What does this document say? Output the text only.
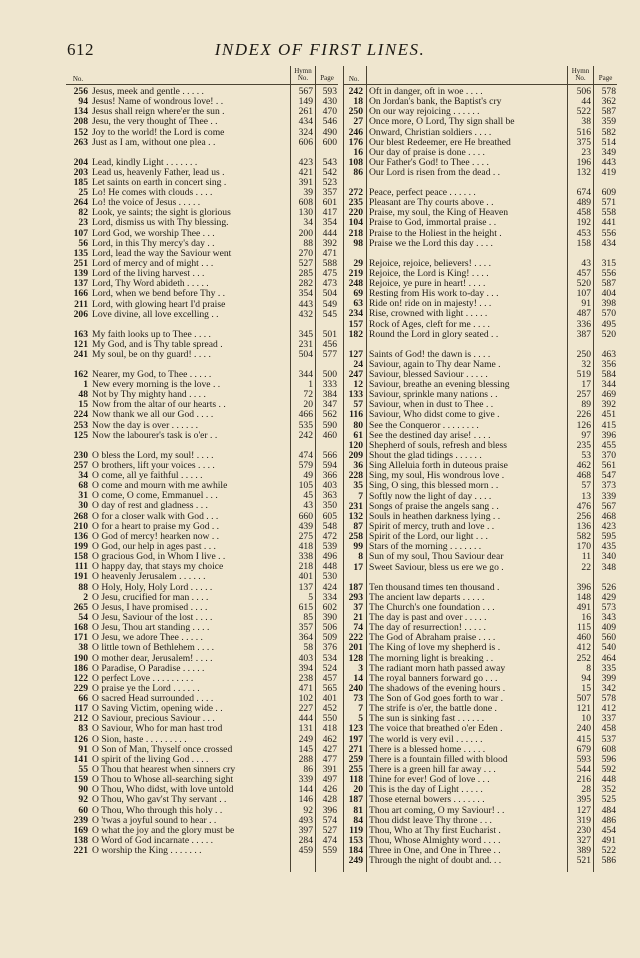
612	INDEX OF FIRST LINES.
No.
Hymn
No.	Page
256 Jesus, meek and gentle . . . . .	567	593
94 Jesus! Name of wondrous love! . .	149	430
134 Jesus shall reign where'er the sun .	261	470
208 Jesu, the very thought of Thee . .	434	546
152 Joy to the world! the Lord is come	324	490
263 Just as I am, without one plea . .	606	600
204 Lead, kindly Light . . . . . . .	423	543
203 Lead us, heavenly Father, lead us .	421	542
185 Let saints on earth in concert sing .	391	523
25 Lo! He comes with clouds . . . .	39	357
264 Lo! the voice of Jesus . . . . .	608	601
82 Look, ye saints; the sight is glorious	130	417
23 Lord, dismiss us with Thy blessing.	34	354
107 Lord God, we worship Thee . . .	200	444
56 Lord, in this Thy mercy's day . .	88	392
135 Lord, lead the way the Saviour went	270	471
251 Lord of mercy and of might . . .	527	588
139 Lord of the living harvest . . .	285	475
137 Lord, Thy Word abideth . . . . .	282	473
166 Lord, when we bend before Thy . .	354	504
211 Lord, with glowing heart I'd praise	443	549
206 Love divine, all love excelling . .	432	545
163 My faith looks up to Thee . . . .	345	501
121 My God, and is Thy table spread .	231	456
241 My soul, be on thy guard! . . . .	504	577
162 Nearer, my God, to Thee . . . . .	344	500
1 New every morning is the love . .	1	333
48 Not by Thy mighty hand . . . .	72	384
15 Now from the altar of our hearts . .	20	347
224 Now thank we all our God . . . .	466	562
253 Now the day is over . . . . . .	535	590
125 Now the labourer's task is o'er . .	242	460
230 O bless the Lord, my soul! . . . .	474	566
257 O brothers, lift your voices . . . .	579	594
34 O come, all ye faithful . . . . .	49	366
68 O come and mourn with me awhile	105	403
31 O come, O come, Emmanuel . . .	45	363
30 O day of rest and gladness . . .	43	350
268 O for a closer walk with God . . .	660	605
210 O for a heart to praise my God . .	439	548
136 O God of mercy! hearken now . .	275	472
199 O God, our help in ages past . . .	418	539
158 O gracious God, in Whom I live . .	338	496
111 O happy day, that stays my choice	218	448
191 O heavenly Jerusalem . . . . . .	401	530
88 O Holy, Holy, Holy Lord . . . . .	137	424
2 O Jesu, crucified for man . . . .	5	334
265 O Jesus, I have promised . . . .	615	602
54 O Jesu, Saviour of the lost . . . .	85	390
168 O Jesu, Thou art standing . . . .	357	506
171 O Jesu, we adore Thee . . . . .	364	509
38 O little town of Bethlehem . . . .	58	376
190 O mother dear, Jerusalem! . . . .	403	534
186 O Paradise, O Paradise . . . . .	394	524
122 O perfect Love . . . . . . . . .	238	457
229 O praise ye the Lord . . . . . .	471	565
66 O sacred Head surrounded . . . .	102	401
117 O Saving Victim, opening wide . .	227	452
212 O Saviour, precious Saviour . . .	444	550
83 O Saviour, Who for man hast trod	131	418
126 O Sion, haste . . . . . . . . .	249	462
91 O Son of Man, Thyself once crossed	145	427
141 O spirit of the living God . . . .	288	477
55 O Thou that hearest when sinners cry	86	391
159 O Thou to Whose all-searching sight	339	497
90 O Thou, Who didst, with love untold	144	426
92 O Thou, Who gav'st Thy servant . .	146	428
60 O Thou, Who through this holy . .	92	396
239 O 'twas a joyful sound to hear . .	493	574
169 O what the joy and the glory must be	397	527
138 O Word of God incarnate . . . . .	284	474
221 O worship the King . . . . . . .	459	559
No.
Hymn
No.	Page
242 Oft in danger, oft in woe . . . .	506	578
18 On Jordan's bank, the Baptist's cry	44	362
250 On our way rejoicing . . . . . .	522	587
27 Once more, O Lord, Thy sign shall be	38	359
246 Onward, Christian soldiers . . . .	516	582
176 Our blest Redeemer, ere He breathed	375	514
16 Our day of praise is done . . . .	23	349
108 Our Father's God! to Thee . . . .	196	443
86 Our Lord is risen from the dead . .	132	419
272 Peace, perfect peace . . . . . .	674	609
235 Pleasant are Thy courts above . .	489	571
220 Praise, my soul, the King of Heaven	458	558
104 Praise to God, immortal praise . .	192	441
218 Praise to the Holiest in the height .	453	556
98 Praise we the Lord this day . . . .	158	434
29 Rejoice, rejoice, believers! . . . .	43	315
219 Rejoice, the Lord is King! . . . .	457	556
248 Rejoice, ye pure in heart! . . . .	520	587
69 Resting from His work to-day . . .	107	404
63 Ride on! ride on in majesty! . . .	91	398
234 Rise, crowned with light . . . . .	487	570
157 Rock of Ages, cleft for me . . . .	336	495
182 Round the Lord in glory seated . .	387	520
127 Saints of God! the dawn is . . . .	250	463
24 Saviour, again to Thy dear Name .	32	356
247 Saviour, blessed Saviour . . . . .	519	584
12 Saviour, breathe an evening blessing	17	344
133 Saviour, sprinkle many nations . .	257	469
57 Saviour, when in dust to Thee . .	89	392
116 Saviour, Who didst come to give .	226	451
80 See the Conqueror . . . . . . . .	126	415
61 See the destined day arise! . . . .	97	396
120 Shepherd of souls, refresh and bless	235	455
209 Shout the glad tidings . . . . . .	53	370
36 Sing Alleluia forth in duteous praise	462	561
228 Sing, my soul, His wondrous love .	468	547
35 Sing, O sing, this blessed morn . .	57	373
7 Softly now the light of day . . . .	13	339
231 Songs of praise the angels sang . .	476	567
132 Souls in heathen darkness lying . .	256	468
87 Spirit of mercy, truth and love . .	136	423
258 Spirit of the Lord, our light . . .	582	595
99 Stars of the morning . . . . . . .	170	435
8 Sun of my soul, Thou Saviour dear	11	340
17 Sweet Saviour, bless us ere we go .	22	348
187 Ten thousand times ten thousand .	396	526
293 The ancient law departs . . . . .	148	429
37 The Church's one foundation . . .	491	573
21 The day is past and over . . . . .	16	343
74 The day of resurrection! . . . . .	115	409
222 The God of Abraham praise . . . .	460	560
201 The King of love my shepherd is .	412	540
128 The morning light is breaking . .	252	464
3 The radiant morn hath passed away	8	335
14 The royal banners forward go . . .	94	399
240 The shadows of the evening hours .	15	342
73 The Son of God goes forth to war .	507	578
7 The strife is o'er, the battle done .	121	412
5 The sun is sinking fast . . . . . .	10	337
123 The voice that breathed o'er Eden .	240	458
197 The world is very evil . . . . . .	415	537
271 There is a blessed home . . . . .	679	608
259 There is a fountain filled with blood	593	596
255 There is a green hill far away . . .	544	592
118 Thine for ever! God of love . . .	216	448
20 This is the day of Light . . . . .	28	352
187 Those eternal bowers . . . . . . .	395	525
81 Thou art coming, O my Saviour! . .	127	484
84 Thou didst leave Thy throne . . .	319	486
119 Thou, Who at Thy first Eucharist .	230	454
153 Thou, Whose Almighty word . . . .	327	491
184 Three in One, and One in Three . .	389	522
249 Through the night of doubt and. . .	521	586
